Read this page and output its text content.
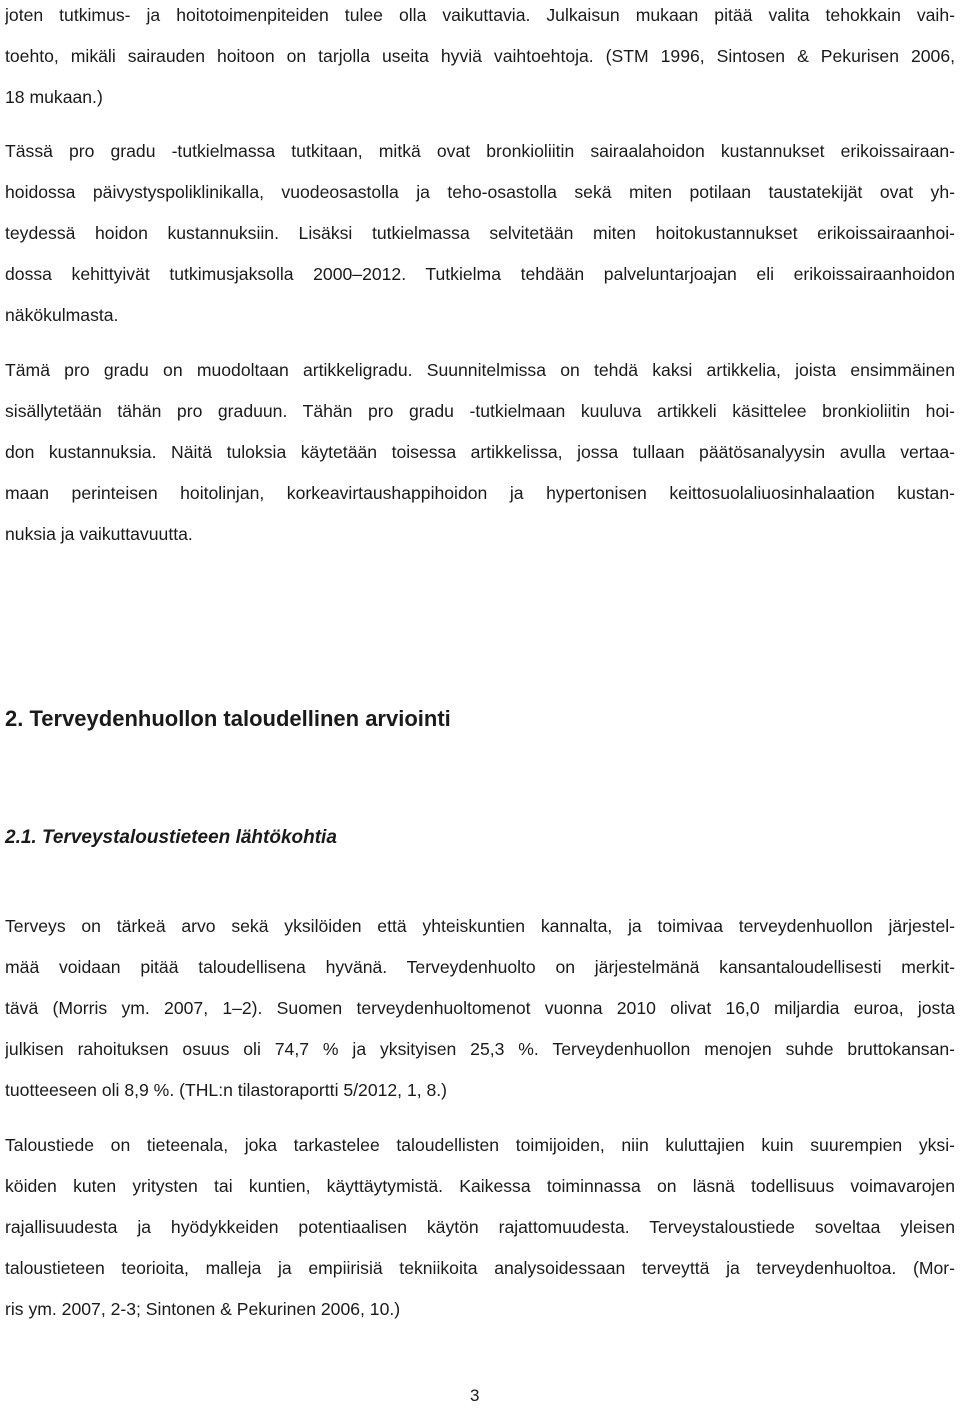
joten tutkimus- ja hoitotoimenpiteiden tulee olla vaikuttavia. Julkaisun mukaan pitää valita tehokkain vaih-
toehto, mikäli sairauden hoitoon on tarjolla useita hyviä vaihtoehtoja. (STM 1996, Sintosen & Pekurisen 2006,
18 mukaan.)
Tässä pro gradu -tutkielmassa tutkitaan, mitkä ovat bronkioliitin sairaalahoidon kustannukset erikoissairaan-
hoidossa päivystyspoliklinikalla, vuodeosastolla ja teho-osastolla sekä miten potilaan taustatekijät ovat yh-
teydessä hoidon kustannuksiin. Lisäksi tutkielmassa selvitetään miten hoitokustannukset erikoissairaanhoi-
dossa kehittyivät tutkimusjaksolla 2000–2012. Tutkielma tehdään palveluntarjoajan eli erikoissairaanhoidon
näkökulmasta.
Tämä pro gradu on muodoltaan artikkeligradu. Suunnitelmissa on tehdä kaksi artikkelia, joista ensimmäinen
sisällytetään tähän pro graduun. Tähän pro gradu -tutkielmaan kuuluva artikkeli käsittelee bronkioliitin hoi-
don kustannuksia. Näitä tuloksia käytetään toisessa artikkelissa, jossa tullaan päätösanalyysin avulla vertaa-
maan perinteisen hoitolinjan, korkeavirtaushappihoidon ja hypertonisen keittosuolaliuosinhalaation kustan-
nuksia ja vaikuttavuutta.
2. Terveydenhuollon taloudellinen arviointi
2.1. Terveystaloustieteen lähtökohtia
Terveys on tärkeä arvo sekä yksilöiden että yhteiskuntien kannalta, ja toimivaa terveydenhuollon järjestel-
mää voidaan pitää taloudellisena hyvänä. Terveydenhuolto on järjestelmänä kansantaloudellisesti merkit-
tävä (Morris ym. 2007, 1–2). Suomen terveydenhuoltomenot vuonna 2010 olivat 16,0 miljardia euroa, josta
julkisen rahoituksen osuus oli 74,7 % ja yksityisen 25,3 %. Terveydenhuollon menojen suhde bruttokansan-
tuotteeseen oli 8,9 %. (THL:n tilastoraportti 5/2012, 1, 8.)
Taloustiede on tieteenala, joka tarkastelee taloudellisten toimijoiden, niin kuluttajien kuin suurempien yksi-
köiden kuten yritysten tai kuntien, käyttäytymistä. Kaikessa toiminnassa on läsnä todellisuus voimavarojen
rajallisuudesta ja hyödykkeiden potentiaalisen käytön rajattomuudesta. Terveystaloustiede soveltaa yleisen
taloustieteen teorioita, malleja ja empiirisiä tekniikoita analysoidessaan terveyttä ja terveydenhuoltoa. (Mor-
ris ym. 2007, 2-3; Sintonen & Pekurinen 2006, 10.)
3
